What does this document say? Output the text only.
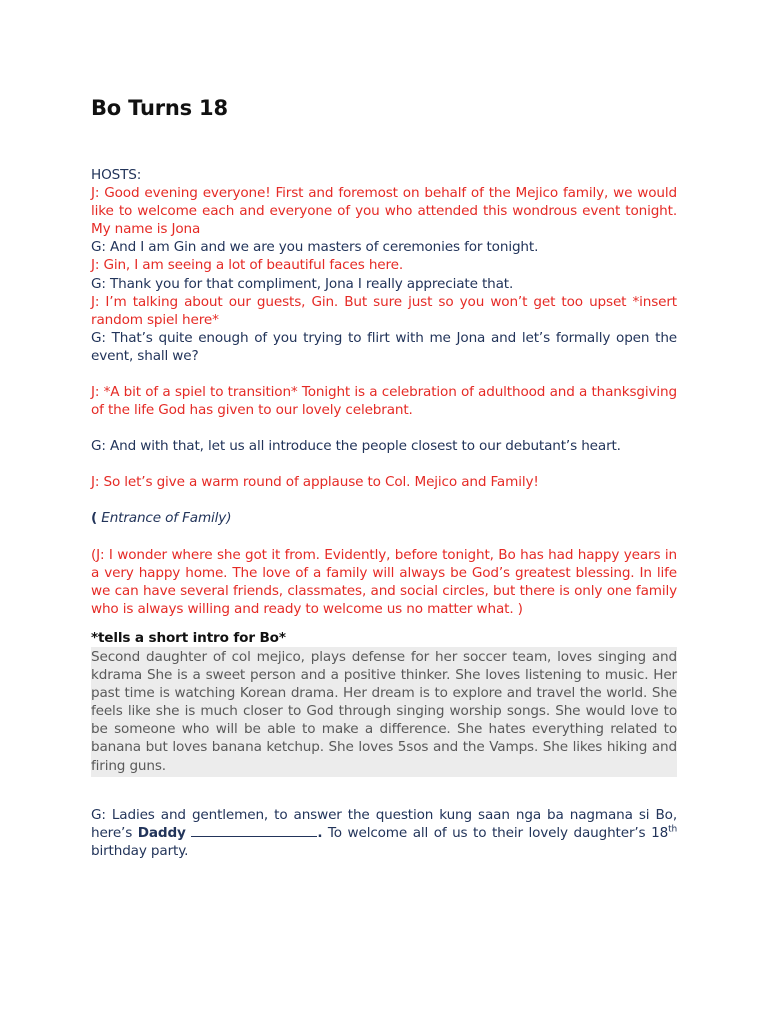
Bo Turns 18

HOSTS:

J: Good evening everyone! First and foremost on behalf of the Mejico family, we would like to welcome each and everyone of you who attended this wondrous event tonight. My name is Jona

G: And I am Gin and we are you masters of ceremonies for tonight.

J: Gin, I am seeing a lot of beautiful faces here.

G: Thank you for that compliment, Jona I really appreciate that.

J: I’m talking about our guests, Gin. But sure just so you won’t get too upset *insert random spiel here*

G: That’s quite enough of you trying to flirt with me Jona and let’s formally open the event, shall we?

J: *A bit of a spiel to transition* Tonight is a celebration of adulthood and a thanksgiving of the life God has given to our lovely celebrant.

G: And with that, let us all introduce the people closest to our debutant’s heart.

J: So let’s give a warm round of applause to Col. Mejico and Family!

( Entrance of Family)

(J: I wonder where she got it from. Evidently, before tonight, Bo has had happy years in a very happy home. The love of a family will always be God’s greatest blessing. In life we can have several friends, classmates, and social circles, but there is only one family who is always willing and ready to welcome us no matter what. )

*tells a short intro for Bo*

Second daughter of col mejico, plays defense for her soccer team, loves singing and kdrama She is a sweet person and a positive thinker. She loves listening to music. Her past time is watching Korean drama. Her dream is to explore and travel the world. She feels like she is much closer to God through singing worship songs. She would love to be someone who will be able to make a difference. She hates everything related to banana but loves banana ketchup. She loves 5sos and the Vamps. She likes hiking and firing guns.

G: Ladies and gentlemen, to answer the question kung saan nga ba nagmana si Bo, here’s Daddy	. To welcome all of us to their lovely daughter’s 18th birthday party.
